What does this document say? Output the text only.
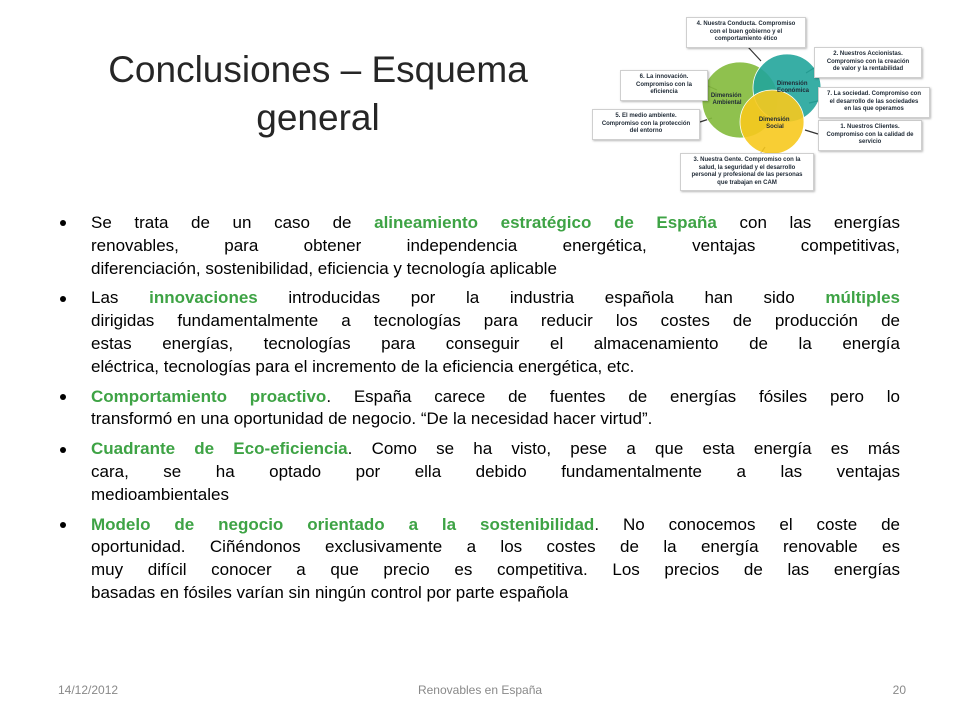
Conclusiones – Esquema
general
Dimensión Ambiental
Dimensión Económica
Dimensión Social	1. Nuestros Clientes.
Compromiso con la calidad de
servicio
2. Nuestros Accionistas.
Compromiso con la creación
de valor y la rentabilidad
3. Nuestra Gente. Compromiso con la
salud, la seguridad y el desarrollo
personal y profesional de las personas
que trabajan en CAM
4. Nuestra Conducta. Compromiso
con el buen gobierno y el
comportamiento ético
5. El medio ambiente.
Compromiso con la protección
del entorno
6. La innovación.
Compromiso con la
eficiencia	7. La sociedad. Compromiso con
el desarrollo de las sociedades
en las que operamos
Se trata de un caso de alineamiento estratégico de España con las energías
renovables, para obtener independencia energética, ventajas competitivas,
diferenciación, sostenibilidad, eficiencia y tecnología aplicable
Las innovaciones introducidas por la industria española han sido múltiples
dirigidas fundamentalmente a tecnologías para reducir los costes de producción de
estas energías, tecnologías para conseguir el almacenamiento de la energía
eléctrica, tecnologías para el incremento de la eficiencia energética, etc.
Comportamiento proactivo. España carece de fuentes de energías fósiles pero lo
transformó en una oportunidad de negocio. “De la necesidad hacer virtud”.
Cuadrante de Eco-eficiencia. Como se ha visto, pese a que esta energía es más
cara, se ha optado por ella debido fundamentalmente a las ventajas
medioambientales
Modelo de negocio orientado a la sostenibilidad. No conocemos el coste de
oportunidad. Ciñéndonos exclusivamente a los costes de la energía renovable es
muy difícil conocer a que precio es competitiva. Los precios de las energías
basadas en fósiles varían sin ningún control por parte española
14/12/2012	Renovables en España	20
